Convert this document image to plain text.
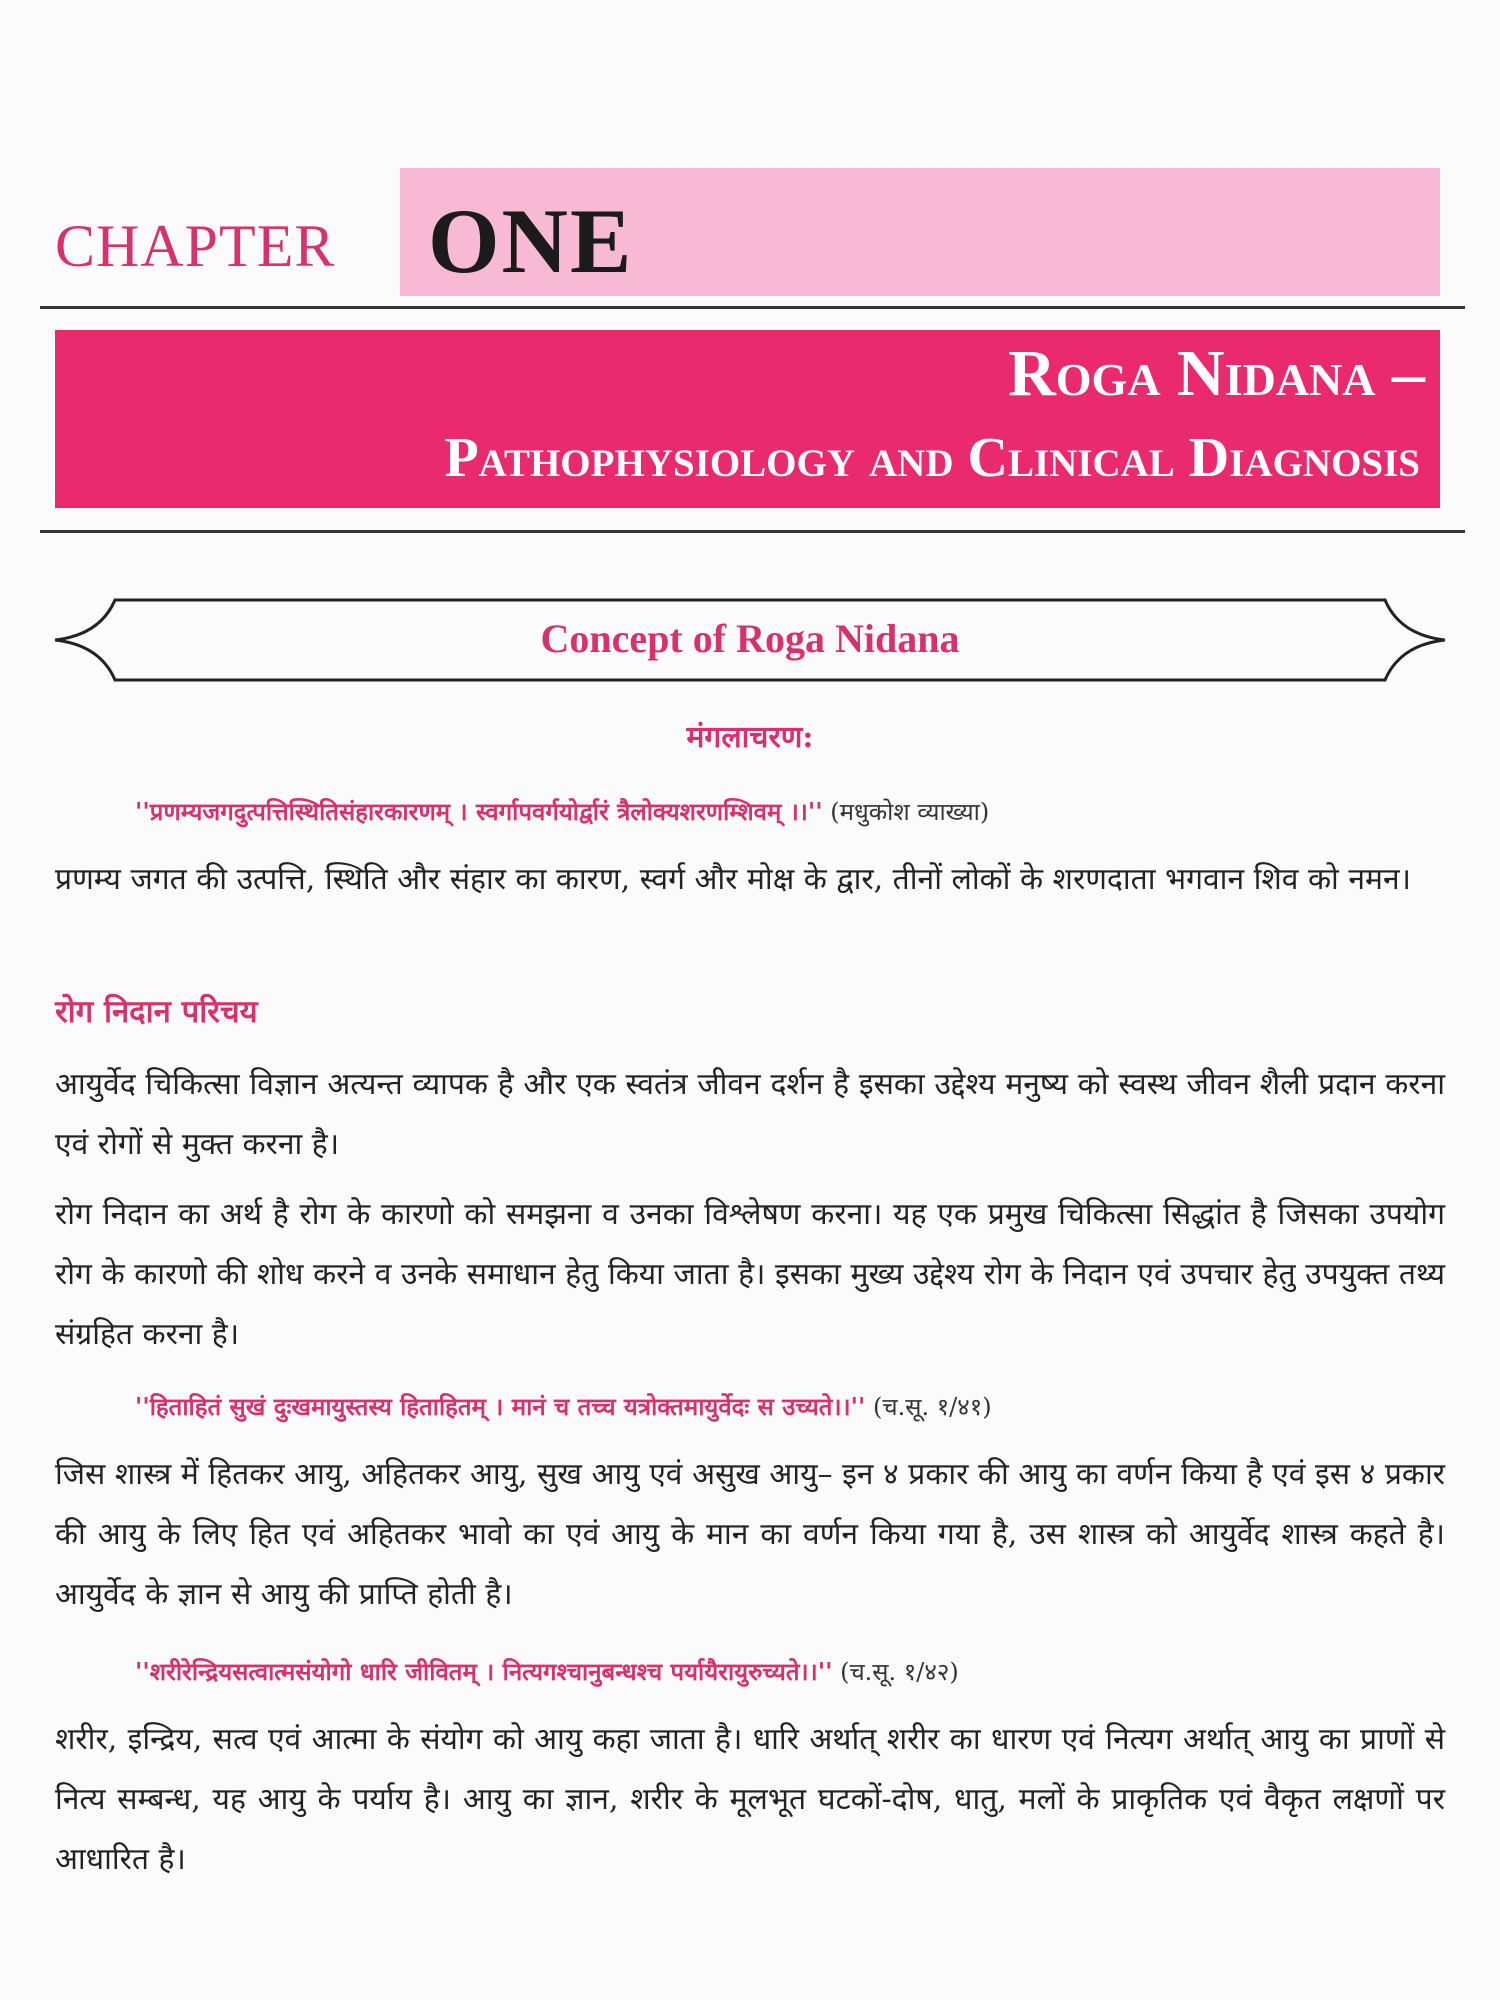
CHAPTER ONE
Roga Nidana –
Pathophysiology and Clinical Diagnosis
Concept of Roga Nidana
मंगलाचरण:
''प्रणम्यजगदुत्पत्तिस्थितिसंहारकारणम् । स्वर्गापवर्गयोर्द्वारं त्रैलोक्यशरणम्शिवम् ।।'' (मधुकोश व्याख्या)
प्रणम्य जगत की उत्पत्ति, स्थिति और संहार का कारण, स्वर्ग और मोक्ष के द्वार, तीनों लोकों के शरणदाता भगवान शिव को नमन।
रोग निदान परिचय
आयुर्वेद चिकित्सा विज्ञान अत्यन्त व्यापक है और एक स्वतंत्र जीवन दर्शन है इसका उद्देश्य मनुष्य को स्वस्थ जीवन शैली प्रदान करना एवं रोगों से मुक्त करना है।
रोग निदान का अर्थ है रोग के कारणो को समझना व उनका विश्लेषण करना। यह एक प्रमुख चिकित्सा सिद्धांत है जिसका उपयोग रोग के कारणो की शोध करने व उनके समाधान हेतु किया जाता है। इसका मुख्य उद्देश्य रोग के निदान एवं उपचार हेतु उपयुक्त तथ्य संग्रहित करना है।
''हिताहितं सुखं दुःखमायुस्तस्य हिताहितम् । मानं च तच्च यत्रोक्तमायुर्वेदः स उच्यते।।'' (च.सू. १/४१)
जिस शास्त्र में हितकर आयु, अहितकर आयु, सुख आयु एवं असुख आयु– इन ४ प्रकार की आयु का वर्णन किया है एवं इस ४ प्रकार की आयु के लिए हित एवं अहितकर भावो का एवं आयु के मान का वर्णन किया गया है, उस शास्त्र को आयुर्वेद शास्त्र कहते है। आयुर्वेद के ज्ञान से आयु की प्राप्ति होती है।
''शरीरेन्द्रियसत्वात्मसंयोगो धारि जीवितम् । नित्यगश्चानुबन्धश्च पर्यायैरायुरुच्यते।।'' (च.सू. १/४२)
शरीर, इन्द्रिय, सत्व एवं आत्मा के संयोग को आयु कहा जाता है। धारि अर्थात् शरीर का धारण एवं नित्यग अर्थात् आयु का प्राणों से नित्य सम्बन्ध, यह आयु के पर्याय है। आयु का ज्ञान, शरीर के मूलभूत घटकों-दोष, धातु, मलों के प्राकृतिक एवं वैकृत लक्षणों पर आधारित है।
